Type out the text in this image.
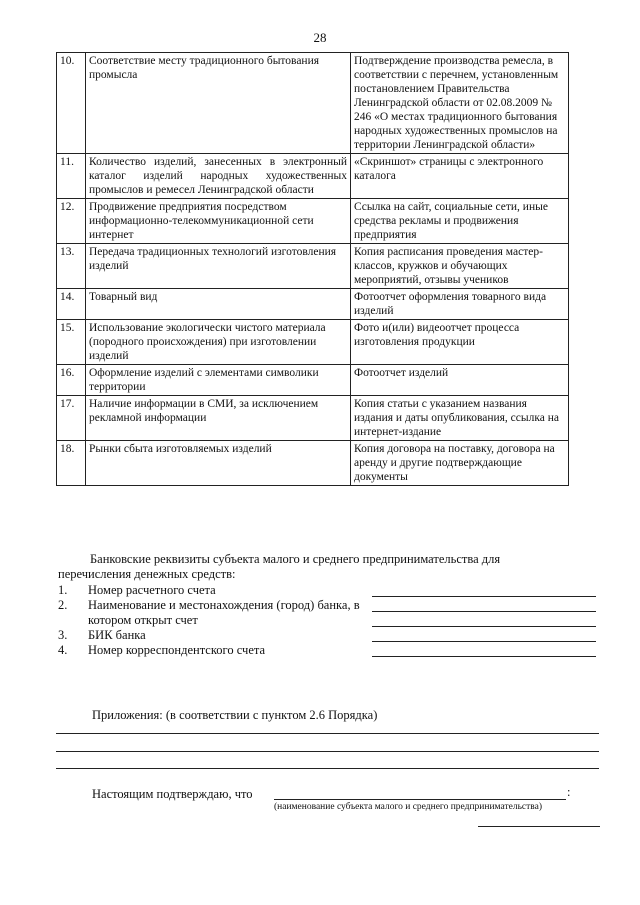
28
10.	Соответствие месту традиционного бытования промысла	Подтверждение производства ремесла, в соответствии с перечнем, установленным постановлением Правительства Ленинградской области от 02.08.2009 № 246 «О местах традиционного бытования народных художественных промыслов на территории Ленинградской области»
11.	Количество изделий, занесенных в электронный каталог изделий народных художественных промыслов и ремесел Ленинградской области	«Скриншот» страницы с электронного каталога
12.	Продвижение предприятия посредством информационно-телекоммуникационной сети интернет	Ссылка на сайт, социальные сети, иные средства рекламы и продвижения предприятия
13.	Передача традиционных технологий изготовления изделий	Копия расписания проведения мастер-классов, кружков и обучающих мероприятий, отзывы учеников
14.	Товарный вид	Фотоотчет оформления товарного вида изделий
15.	Использование экологически чистого материала (породного происхождения) при изготовлении изделий	Фото и(или) видеоотчет процесса изготовления продукции
16.	Оформление изделий с элементами символики территории	Фотоотчет изделий
17.	Наличие информации в СМИ, за исключением рекламной информации	Копия статьи с указанием названия издания и даты опубликования, ссылка на интернет-издание
18.	Рынки сбыта изготовляемых изделий	Копия договора на поставку, договора на аренду и другие подтверждающие документы
Банковские реквизиты субъекта малого и среднего предпринимательства для
перечисления денежных средств:
1.	Номер расчетного счета
2.	Наименование и местонахождения (город) банка, в котором открыт счет
3.	БИК банка
4.	Номер корреспондентского счета
Приложения: (в соответствии с пунктом 2.6 Порядка)
Настоящим подтверждаю, что	:
(наименование субъекта малого и среднего предпринимательства)
